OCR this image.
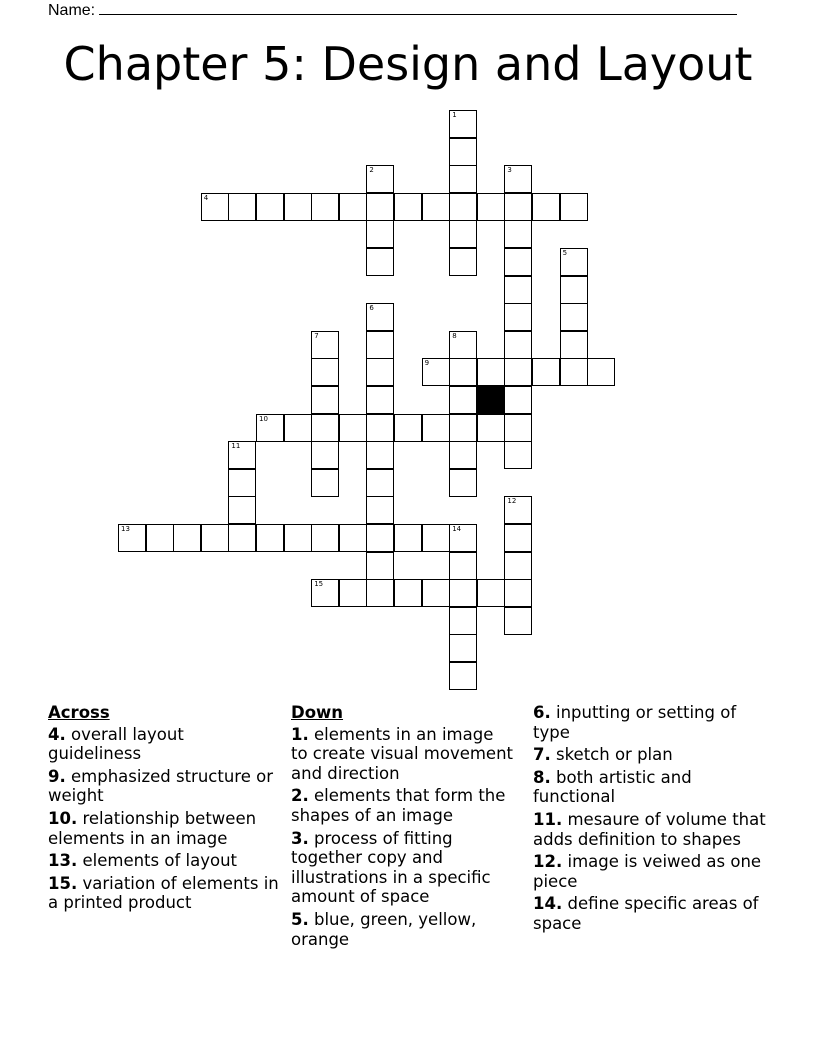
Name:
Chapter 5: Design and Layout
1
2	3
4
5
6
7	8
9
10
11
12
13	14
15
Across
4. overall layout guideliness
9. emphasized structure or weight
10. relationship between elements in an image
13. elements of layout
15. variation of elements in a printed product
Down
1. elements in an image to create visual movement and direction
2. elements that form the shapes of an image
3. process of fitting together copy and illustrations in a specific amount of space
5. blue, green, yellow, orange
6. inputting or setting of type
7. sketch or plan
8. both artistic and functional
11. mesaure of volume that adds definition to shapes
12. image is veiwed as one piece
14. define specific areas of space
